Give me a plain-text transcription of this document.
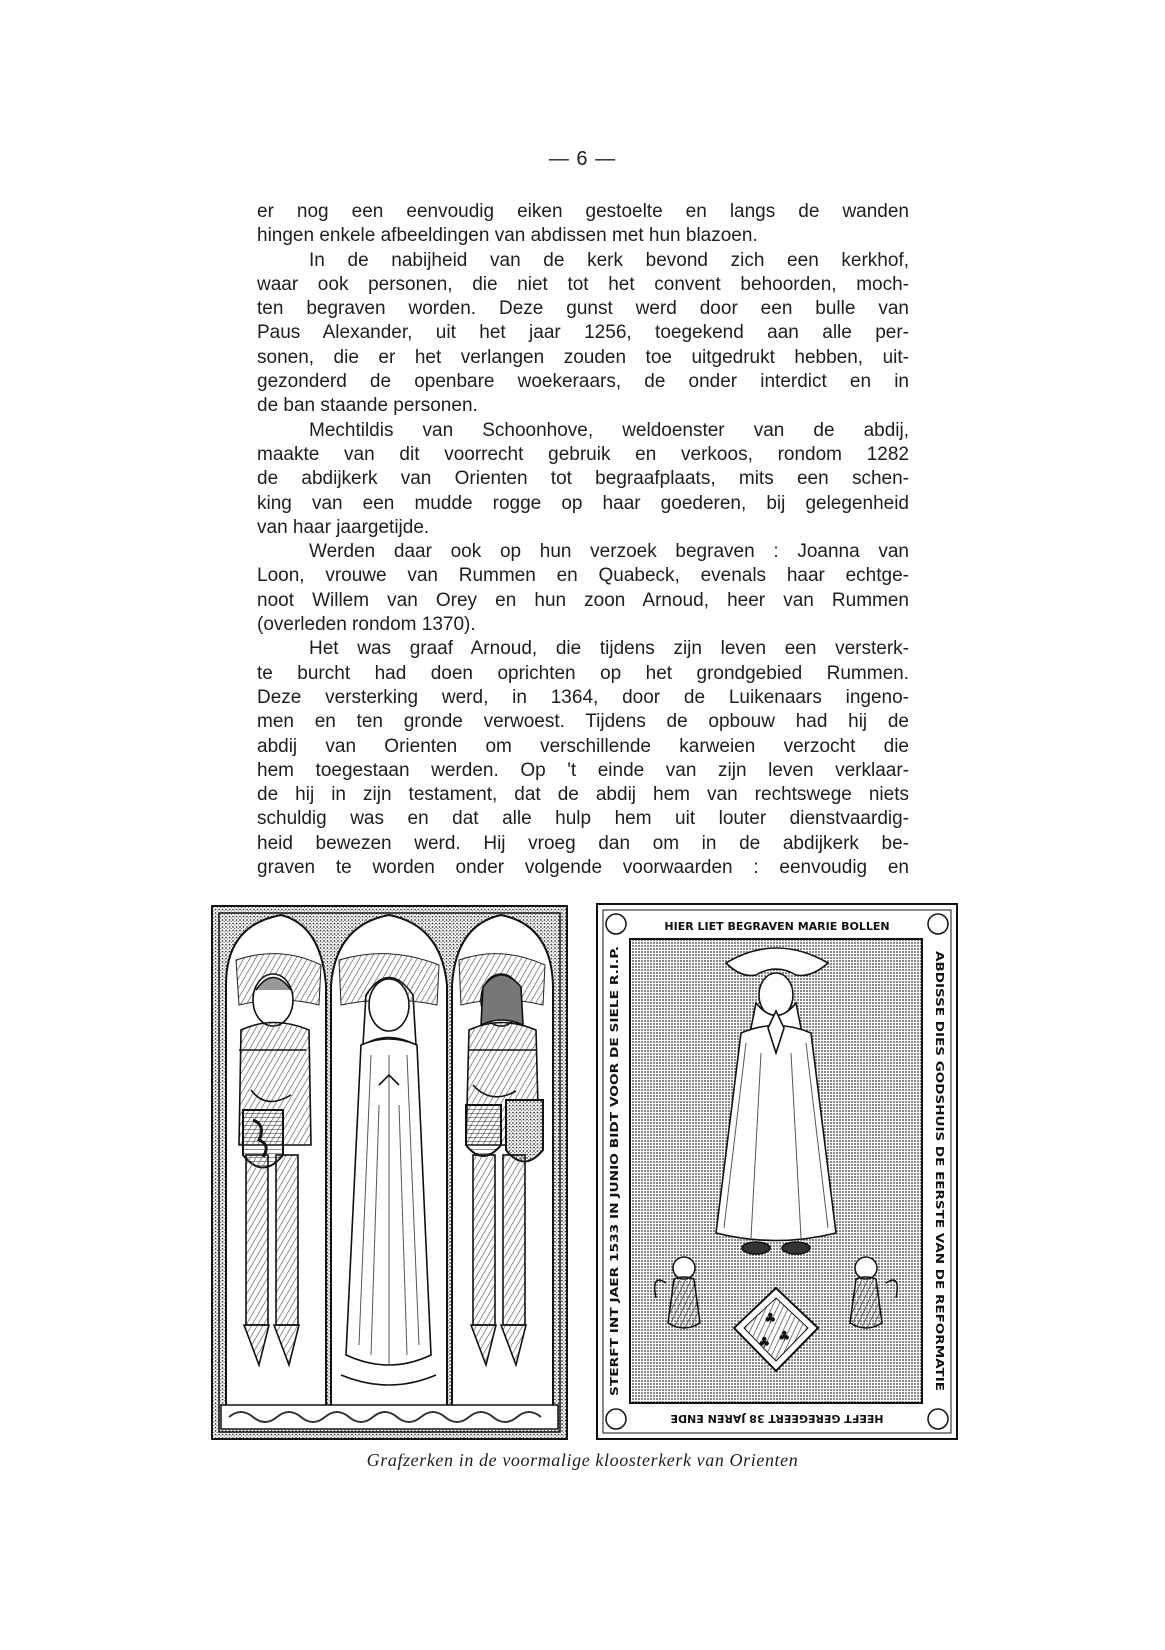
— 6 —
er nog een eenvoudig eiken gestoelte en langs de wanden
hingen enkele afbeeldingen van abdissen met hun blazoen.
In de nabijheid van de kerk bevond zich een kerkhof,
waar ook personen, die niet tot het convent behoorden, moch-
ten begraven worden. Deze gunst werd door een bulle van
Paus Alexander, uit het jaar 1256, toegekend aan alle per-
sonen, die er het verlangen zouden toe uitgedrukt hebben, uit-
gezonderd de openbare woekeraars, de onder interdict en in
de ban staande personen.
Mechtildis van Schoonhove, weldoenster van de abdij,
maakte van dit voorrecht gebruik en verkoos, rondom 1282
de abdijkerk van Orienten tot begraafplaats, mits een schen-
king van een mudde rogge op haar goederen, bij gelegenheid
van haar jaargetijde.
Werden daar ook op hun verzoek begraven : Joanna van
Loon, vrouwe van Rummen en Quabeck, evenals haar echtge-
noot Willem van Orey en hun zoon Arnoud, heer van Rummen
(overleden rondom 1370).
Het was graaf Arnoud, die tijdens zijn leven een versterk-
te burcht had doen oprichten op het grondgebied Rummen.
Deze versterking werd, in 1364, door de Luikenaars ingeno-
men en ten gronde verwoest. Tijdens de opbouw had hij de
abdij van Orienten om verschillende karweien verzocht die
hem toegestaan werden. Op 't einde van zijn leven verklaar-
de hij in zijn testament, dat de abdij hem van rechtswege niets
schuldig was en dat alle hulp hem uit louter dienstvaardig-
heid bewezen werd. Hij vroeg dan om in de abdijkerk be-
graven te worden onder volgende voorwaarden : eenvoudig en
HIER LIET BEGRAVEN MARIE BOLLEN
ABDISSE DIES GODSHUIS DE EERSTE VAN DE REFORMATIE
HEEFT GEREGEERT 38 JAREN ENDE
STERFT INT JAER 1533 IN JUNIO BIDT VOOR DE SIELE R.I.P.	♣
♣
♣
Grafzerken in de voormalige kloosterkerk van Orienten
